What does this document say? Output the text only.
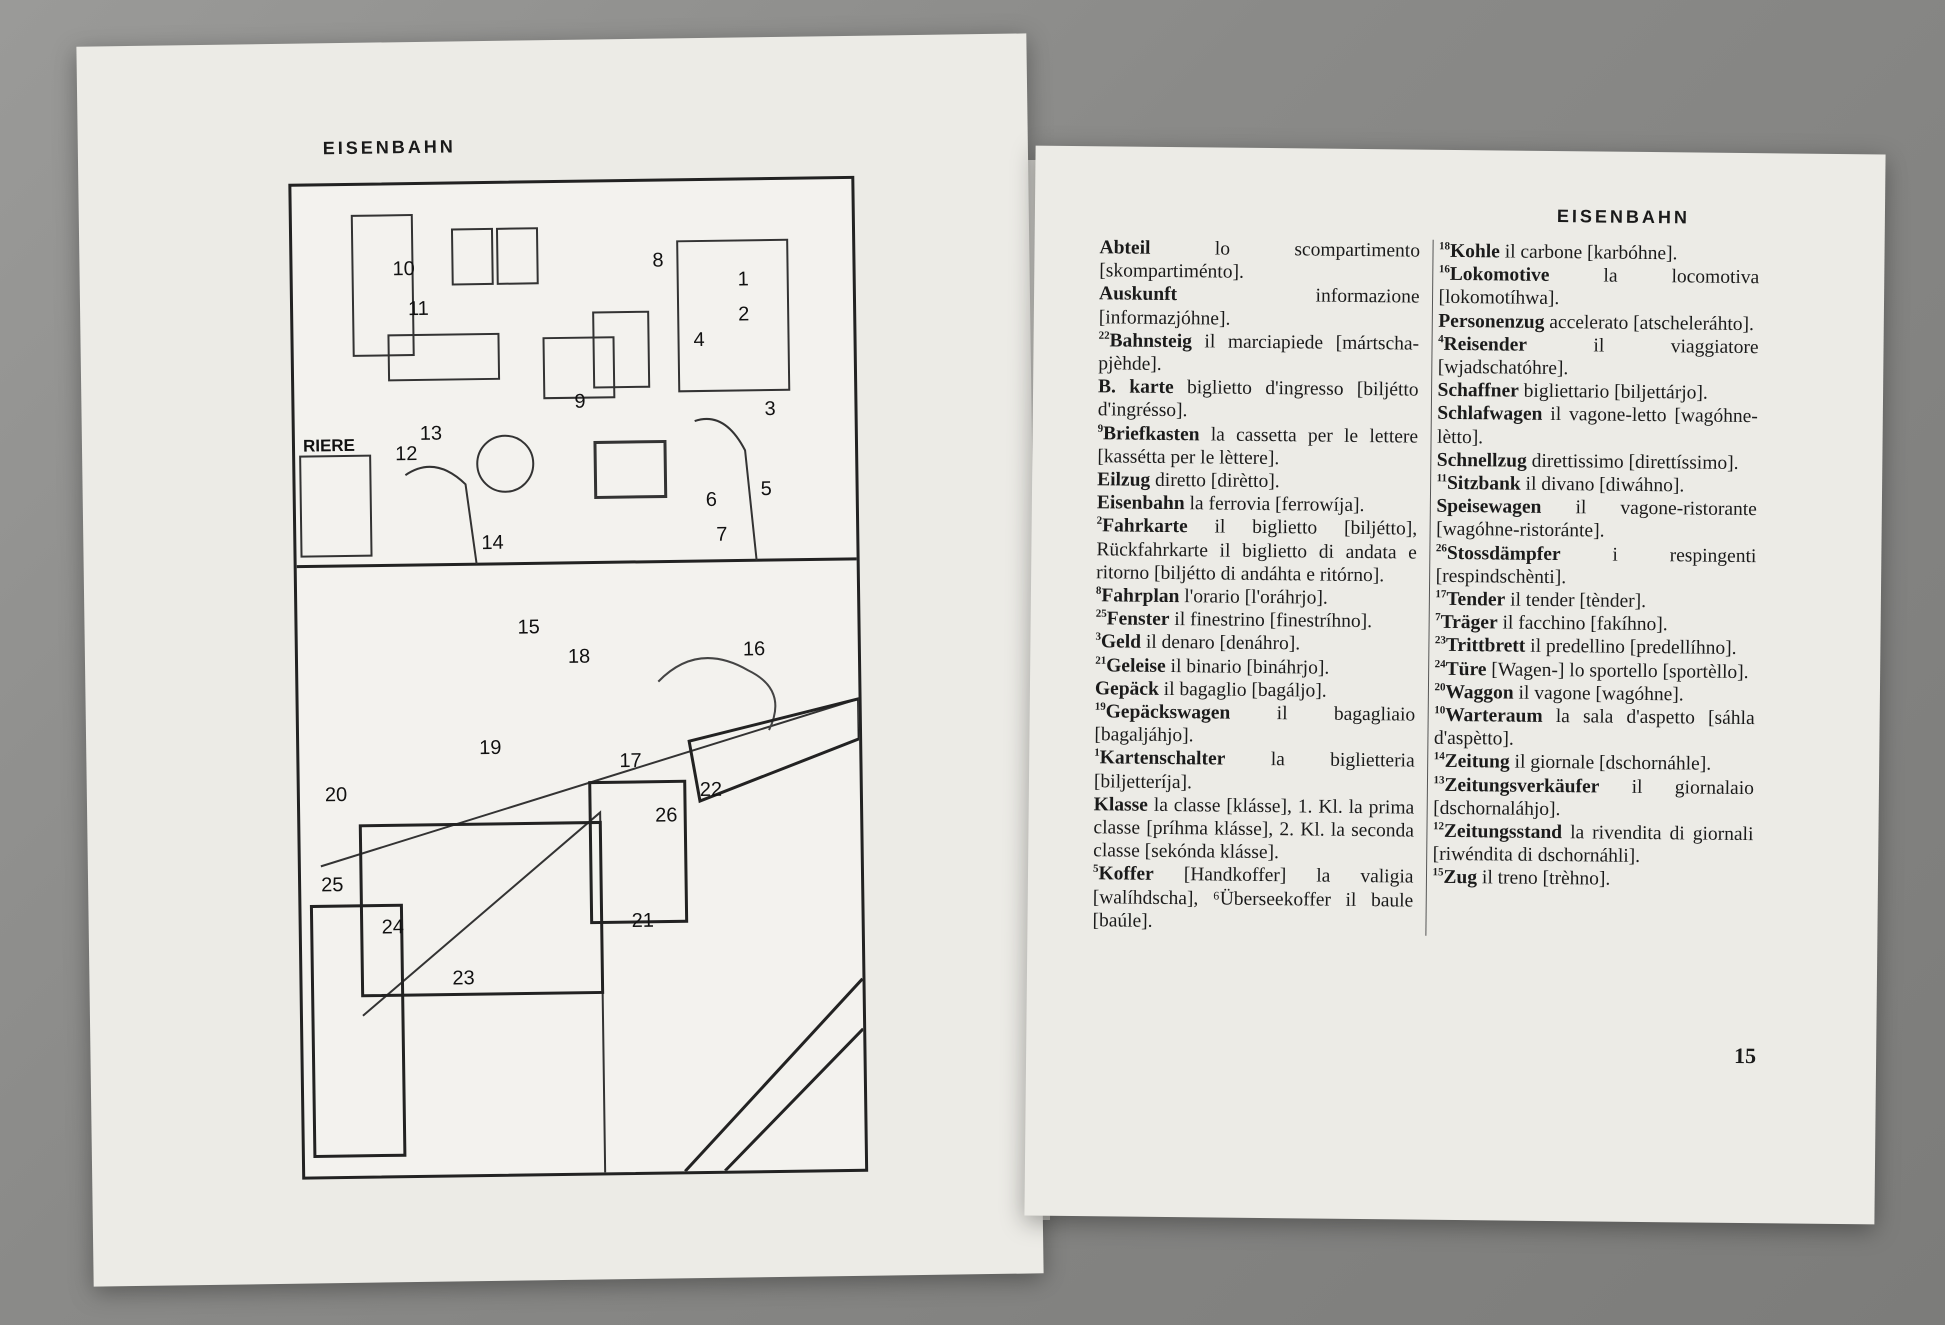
EISENBAHN
10
11
8
1
2
4
3
9
13
12
14
6 5
7
RIERE
15
18	16
19
17
20	22
26
25
24	21
23
EISENBAHN

Abteil lo scompartimento [skompartiménto].

Auskunft informazione [informazjóhne].

$^{22}$Bahnsteig il marciapiede [mártscha-pjèhde].

B. karte biglietto d'ingresso [biljétto d'ingrésso].

$^9$Briefkasten la cassetta per le lettere [kassétta per le lèttere].

Eilzug diretto [dirètto].

Eisenbahn la ferrovia [ferrowíja].

$^2$Fahrkarte il biglietto [biljétto], Rückfahrkarte il biglietto di andata e ritorno [biljétto di andáhta e ritórno].

$^8$Fahrplan l'orario [l'oráhrjo].

$^{25}$Fenster il finestrino [finestríhno].

$^3$Geld il denaro [denáhro].

$^{21}$Geleise il binario [bináhrjo].

Gepäck il bagaglio [bagáljo].

$^{19}$Gepäckswagen il bagagliaio [bagaljáhjo].

$^1$Kartenschalter la biglietteria [biljetteríja].

Klasse la classe [klásse], 1. Kl. la prima classe [príhma klásse], 2. Kl. la seconda classe [sekónda klásse].

$^5$Koffer [Handkoffer] la valigia [walíhdscha], ⁶Überseekoffer il baule [baúle].

$^{18}$Kohle il carbone [karbóhne].

$^{16}$Lokomotive la locomotiva [lokomotíhwa].

Personenzug accelerato [atscheleráhto].

$^4$Reisender il viaggiatore [wjadschatóhre].

Schaffner bigliettario [biljettárjo].

Schlafwagen il vagone-letto [wagóhne-lètto].

Schnellzug direttissimo [direttíssimo].

$^{11}$Sitzbank il divano [diwáhno].

Speisewagen il vagone-ristorante [wagóhne-ristoránte].

$^{26}$Stossdämpfer i respingenti [respindschènti].

$^{17}$Tender il tender [tènder].

$^7$Träger il facchino [fakíhno].

$^{23}$Trittbrett il predellino [predellíhno].

$^{24}$Türe [Wagen-] lo sportello [sportèllo].

$^{20}$Waggon il vagone [wagóhne].

$^{10}$Warteraum la sala d'aspetto [sáhla d'aspètto].

$^{14}$Zeitung il giornale [dschornáhle].

$^{13}$Zeitungsverkäufer il giornalaio [dschornaláhjo].

$^{12}$Zeitungsstand la rivendita di giornali [riwéndita di dschornáhli].

$^{15}$Zug il treno [trèhno].

15
